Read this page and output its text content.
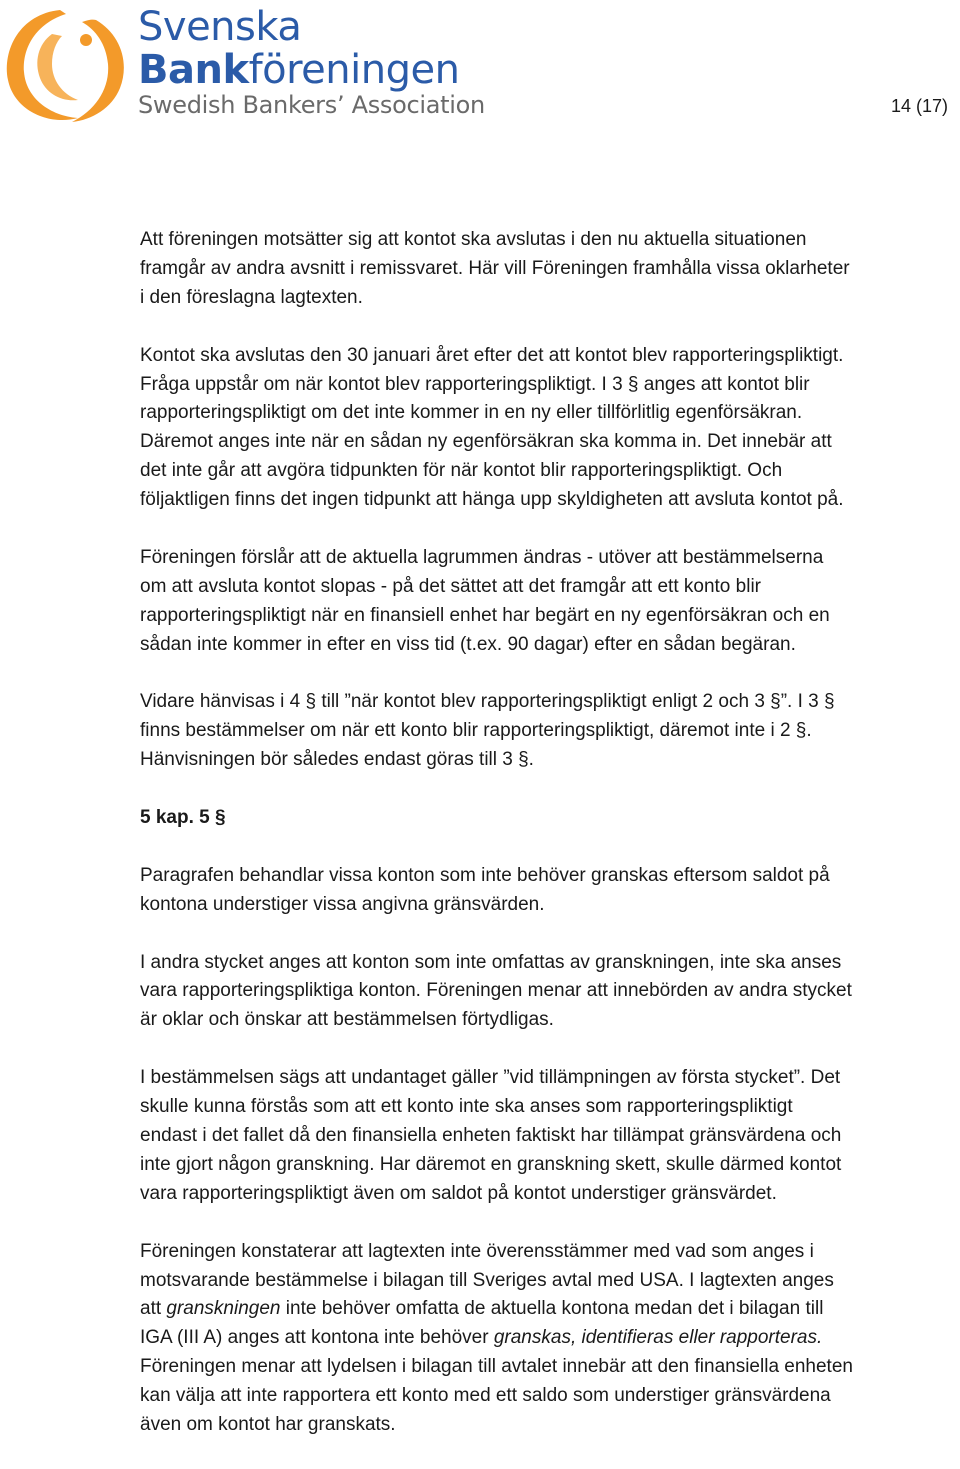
Svenska
Bankföreningen
Swedish Bankers’ Association	14 (17)

Att föreningen motsätter sig att kontot ska avslutas i den nu aktuella situationen
framgår av andra avsnitt i remissvaret. Här vill Föreningen framhålla vissa oklarheter
i den föreslagna lagtexten.

Kontot ska avslutas den 30 januari året efter det att kontot blev rapporteringspliktigt.
Fråga uppstår om när kontot blev rapporteringspliktigt. I 3 § anges att kontot blir
rapporteringspliktigt om det inte kommer in en ny eller tillförlitlig egenförsäkran.
Däremot anges inte när en sådan ny egenförsäkran ska komma in. Det innebär att
det inte går att avgöra tidpunkten för när kontot blir rapporteringspliktigt. Och
följaktligen finns det ingen tidpunkt att hänga upp skyldigheten att avsluta kontot på.

Föreningen förslår att de aktuella lagrummen ändras - utöver att bestämmelserna
om att avsluta kontot slopas - på det sättet att det framgår att ett konto blir
rapporteringspliktigt när en finansiell enhet har begärt en ny egenförsäkran och en
sådan inte kommer in efter en viss tid (t.ex. 90 dagar) efter en sådan begäran.

Vidare hänvisas i 4 § till ”när kontot blev rapporteringspliktigt enligt 2 och 3 §”. I 3 §
finns bestämmelser om när ett konto blir rapporteringspliktigt, däremot inte i 2 §.
Hänvisningen bör således endast göras till 3 §.

5 kap. 5 §

Paragrafen behandlar vissa konton som inte behöver granskas eftersom saldot på
kontona understiger vissa angivna gränsvärden.

I andra stycket anges att konton som inte omfattas av granskningen, inte ska anses
vara rapporteringspliktiga konton. Föreningen menar att innebörden av andra stycket
är oklar och önskar att bestämmelsen förtydligas.

I bestämmelsen sägs att undantaget gäller ”vid tillämpningen av första stycket”. Det
skulle kunna förstås som att ett konto inte ska anses som rapporteringspliktigt
endast i det fallet då den finansiella enheten faktiskt har tillämpat gränsvärdena och
inte gjort någon granskning. Har däremot en granskning skett, skulle därmed kontot
vara rapporteringspliktigt även om saldot på kontot understiger gränsvärdet.

Föreningen konstaterar att lagtexten inte överensstämmer med vad som anges i
motsvarande bestämmelse i bilagan till Sveriges avtal med USA. I lagtexten anges
att granskningen inte behöver omfatta de aktuella kontona medan det i bilagan till
IGA (III A) anges att kontona inte behöver granskas, identifieras eller rapporteras.
Föreningen menar att lydelsen i bilagan till avtalet innebär att den finansiella enheten
kan välja att inte rapportera ett konto med ett saldo som understiger gränsvärdena
även om kontot har granskats.
